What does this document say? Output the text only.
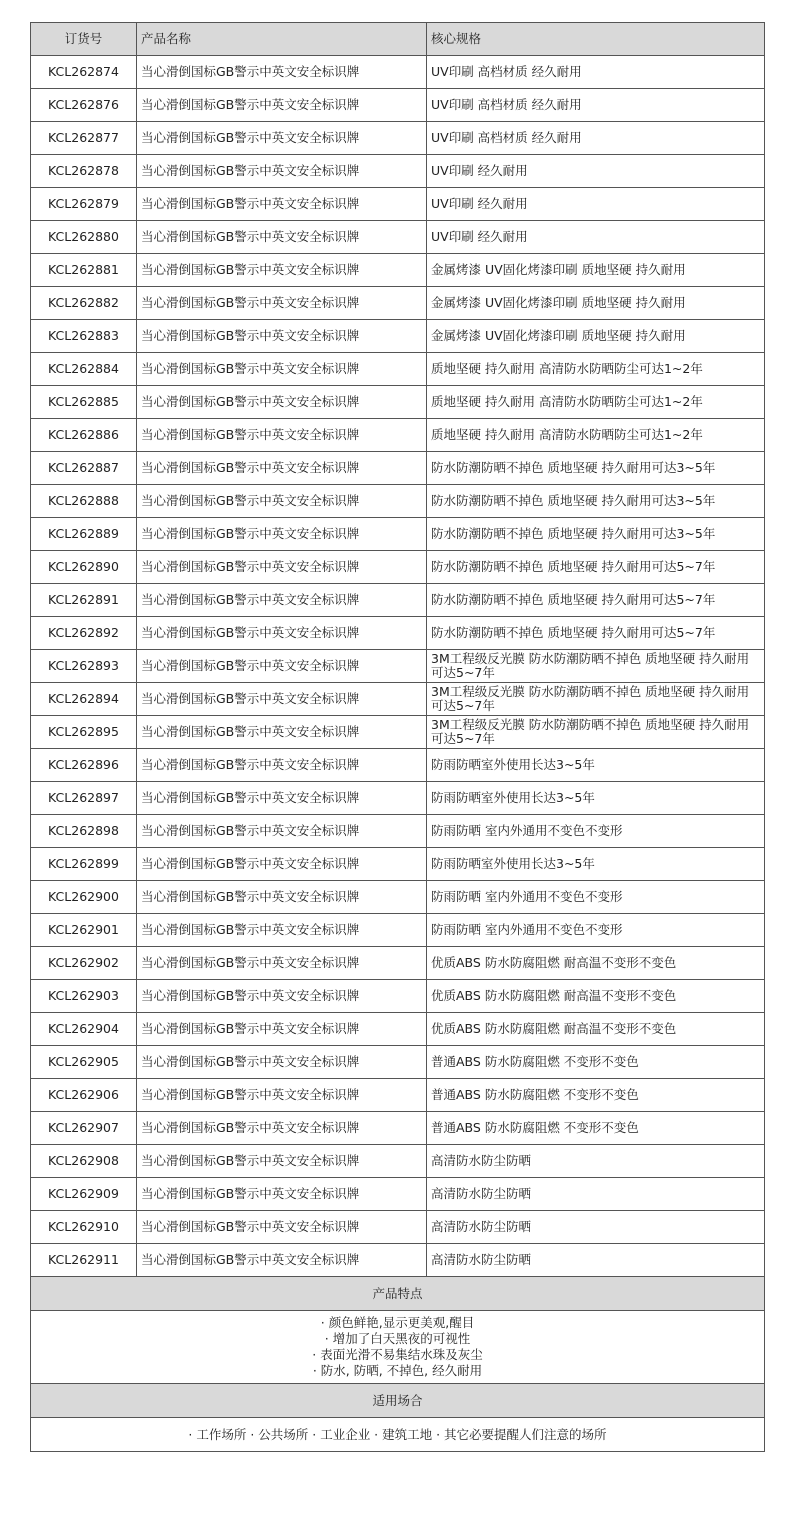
订货号	产品名称	核心规格
KCL262874	当心滑倒国标GB警示中英文安全标识牌	UV印刷 高档材质 经久耐用
KCL262876	当心滑倒国标GB警示中英文安全标识牌	UV印刷 高档材质 经久耐用
KCL262877	当心滑倒国标GB警示中英文安全标识牌	UV印刷 高档材质 经久耐用
KCL262878	当心滑倒国标GB警示中英文安全标识牌	UV印刷 经久耐用
KCL262879	当心滑倒国标GB警示中英文安全标识牌	UV印刷 经久耐用
KCL262880	当心滑倒国标GB警示中英文安全标识牌	UV印刷 经久耐用
KCL262881	当心滑倒国标GB警示中英文安全标识牌	金属烤漆 UV固化烤漆印刷 质地坚硬 持久耐用
KCL262882	当心滑倒国标GB警示中英文安全标识牌	金属烤漆 UV固化烤漆印刷 质地坚硬 持久耐用
KCL262883	当心滑倒国标GB警示中英文安全标识牌	金属烤漆 UV固化烤漆印刷 质地坚硬 持久耐用
KCL262884	当心滑倒国标GB警示中英文安全标识牌	质地坚硬 持久耐用 高清防水防晒防尘可达1~2年
KCL262885	当心滑倒国标GB警示中英文安全标识牌	质地坚硬 持久耐用 高清防水防晒防尘可达1~2年
KCL262886	当心滑倒国标GB警示中英文安全标识牌	质地坚硬 持久耐用 高清防水防晒防尘可达1~2年
KCL262887	当心滑倒国标GB警示中英文安全标识牌	防水防潮防晒不掉色 质地坚硬 持久耐用可达3~5年
KCL262888	当心滑倒国标GB警示中英文安全标识牌	防水防潮防晒不掉色 质地坚硬 持久耐用可达3~5年
KCL262889	当心滑倒国标GB警示中英文安全标识牌	防水防潮防晒不掉色 质地坚硬 持久耐用可达3~5年
KCL262890	当心滑倒国标GB警示中英文安全标识牌	防水防潮防晒不掉色 质地坚硬 持久耐用可达5~7年
KCL262891	当心滑倒国标GB警示中英文安全标识牌	防水防潮防晒不掉色 质地坚硬 持久耐用可达5~7年
KCL262892	当心滑倒国标GB警示中英文安全标识牌	防水防潮防晒不掉色 质地坚硬 持久耐用可达5~7年
KCL262893	当心滑倒国标GB警示中英文安全标识牌	3M工程级反光膜 防水防潮防晒不掉色 质地坚硬 持久耐用可达5~7年
KCL262894	当心滑倒国标GB警示中英文安全标识牌	3M工程级反光膜 防水防潮防晒不掉色 质地坚硬 持久耐用可达5~7年
KCL262895	当心滑倒国标GB警示中英文安全标识牌	3M工程级反光膜 防水防潮防晒不掉色 质地坚硬 持久耐用可达5~7年
KCL262896	当心滑倒国标GB警示中英文安全标识牌	防雨防晒室外使用长达3~5年
KCL262897	当心滑倒国标GB警示中英文安全标识牌	防雨防晒室外使用长达3~5年
KCL262898	当心滑倒国标GB警示中英文安全标识牌	防雨防晒 室内外通用不变色不变形
KCL262899	当心滑倒国标GB警示中英文安全标识牌	防雨防晒室外使用长达3~5年
KCL262900	当心滑倒国标GB警示中英文安全标识牌	防雨防晒 室内外通用不变色不变形
KCL262901	当心滑倒国标GB警示中英文安全标识牌	防雨防晒 室内外通用不变色不变形
KCL262902	当心滑倒国标GB警示中英文安全标识牌	优质ABS 防水防腐阻燃 耐高温不变形不变色
KCL262903	当心滑倒国标GB警示中英文安全标识牌	优质ABS 防水防腐阻燃 耐高温不变形不变色
KCL262904	当心滑倒国标GB警示中英文安全标识牌	优质ABS 防水防腐阻燃 耐高温不变形不变色
KCL262905	当心滑倒国标GB警示中英文安全标识牌	普通ABS 防水防腐阻燃 不变形不变色
KCL262906	当心滑倒国标GB警示中英文安全标识牌	普通ABS 防水防腐阻燃 不变形不变色
KCL262907	当心滑倒国标GB警示中英文安全标识牌	普通ABS 防水防腐阻燃 不变形不变色
KCL262908	当心滑倒国标GB警示中英文安全标识牌	高清防水防尘防晒
KCL262909	当心滑倒国标GB警示中英文安全标识牌	高清防水防尘防晒
KCL262910	当心滑倒国标GB警示中英文安全标识牌	高清防水防尘防晒
KCL262911	当心滑倒国标GB警示中英文安全标识牌	高清防水防尘防晒
产品特点		

· 颜色鲜艳,显示更美观,醒目
· 增加了白天黑夜的可视性
· 表面光滑不易集结水珠及灰尘
· 防水, 防晒, 不掉色, 经久耐用		

适用场合		
· 工作场所 · 公共场所 · 工业企业 · 建筑工地 · 其它必要提醒人们注意的场所		
